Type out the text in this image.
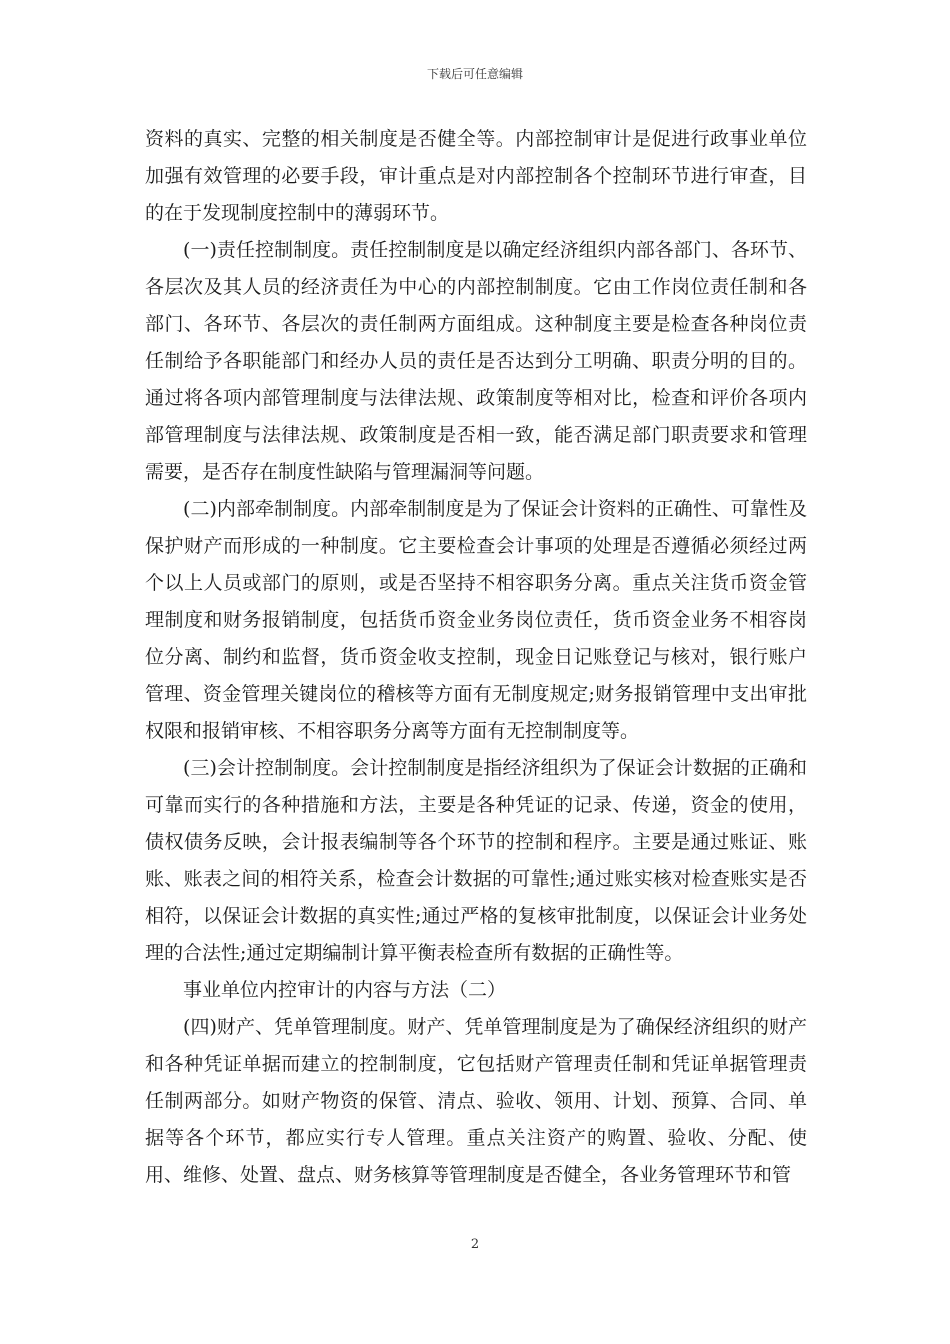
下载后可任意编辑

资料的真实、完整的相关制度是否健全等。内部控制审计是促进行政事业单位加强有效管理的必要手段，审计重点是对内部控制各个控制环节进行审查，目的在于发现制度控制中的薄弱环节。

(一)责任控制制度。责任控制制度是以确定经济组织内部各部门、各环节、各层次及其人员的经济责任为中心的内部控制制度。它由工作岗位责任制和各部门、各环节、各层次的责任制两方面组成。这种制度主要是检查各种岗位责任制给予各职能部门和经办人员的责任是否达到分工明确、职责分明的目的。通过将各项内部管理制度与法律法规、政策制度等相对比，检查和评价各项内部管理制度与法律法规、政策制度是否相一致，能否满足部门职责要求和管理需要，是否存在制度性缺陷与管理漏洞等问题。

(二)内部牵制制度。内部牵制制度是为了保证会计资料的正确性、可靠性及保护财产而形成的一种制度。它主要检查会计事项的处理是否遵循必须经过两个以上人员或部门的原则，或是否坚持不相容职务分离。重点关注货币资金管理制度和财务报销制度，包括货币资金业务岗位责任，货币资金业务不相容岗位分离、制约和监督，货币资金收支控制，现金日记账登记与核对，银行账户管理、资金管理关键岗位的稽核等方面有无制度规定;财务报销管理中支出审批权限和报销审核、不相容职务分离等方面有无控制制度等。

(三)会计控制制度。会计控制制度是指经济组织为了保证会计数据的正确和可靠而实行的各种措施和方法，主要是各种凭证的记录、传递，资金的使用，债权债务反映，会计报表编制等各个环节的控制和程序。主要是通过账证、账账、账表之间的相符关系，检查会计数据的可靠性;通过账实核对检查账实是否相符，以保证会计数据的真实性;通过严格的复核审批制度，以保证会计业务处理的合法性;通过定期编制计算平衡表检查所有数据的正确性等。

事业单位内控审计的内容与方法（二）

(四)财产、凭单管理制度。财产、凭单管理制度是为了确保经济组织的财产和各种凭证单据而建立的控制制度，它包括财产管理责任制和凭证单据管理责任制两部分。如财产物资的保管、清点、验收、领用、计划、预算、合同、单据等各个环节，都应实行专人管理。重点关注资产的购置、验收、分配、使用、维修、处置、盘点、财务核算等管理制度是否健全，各业务管理环节和管

2
